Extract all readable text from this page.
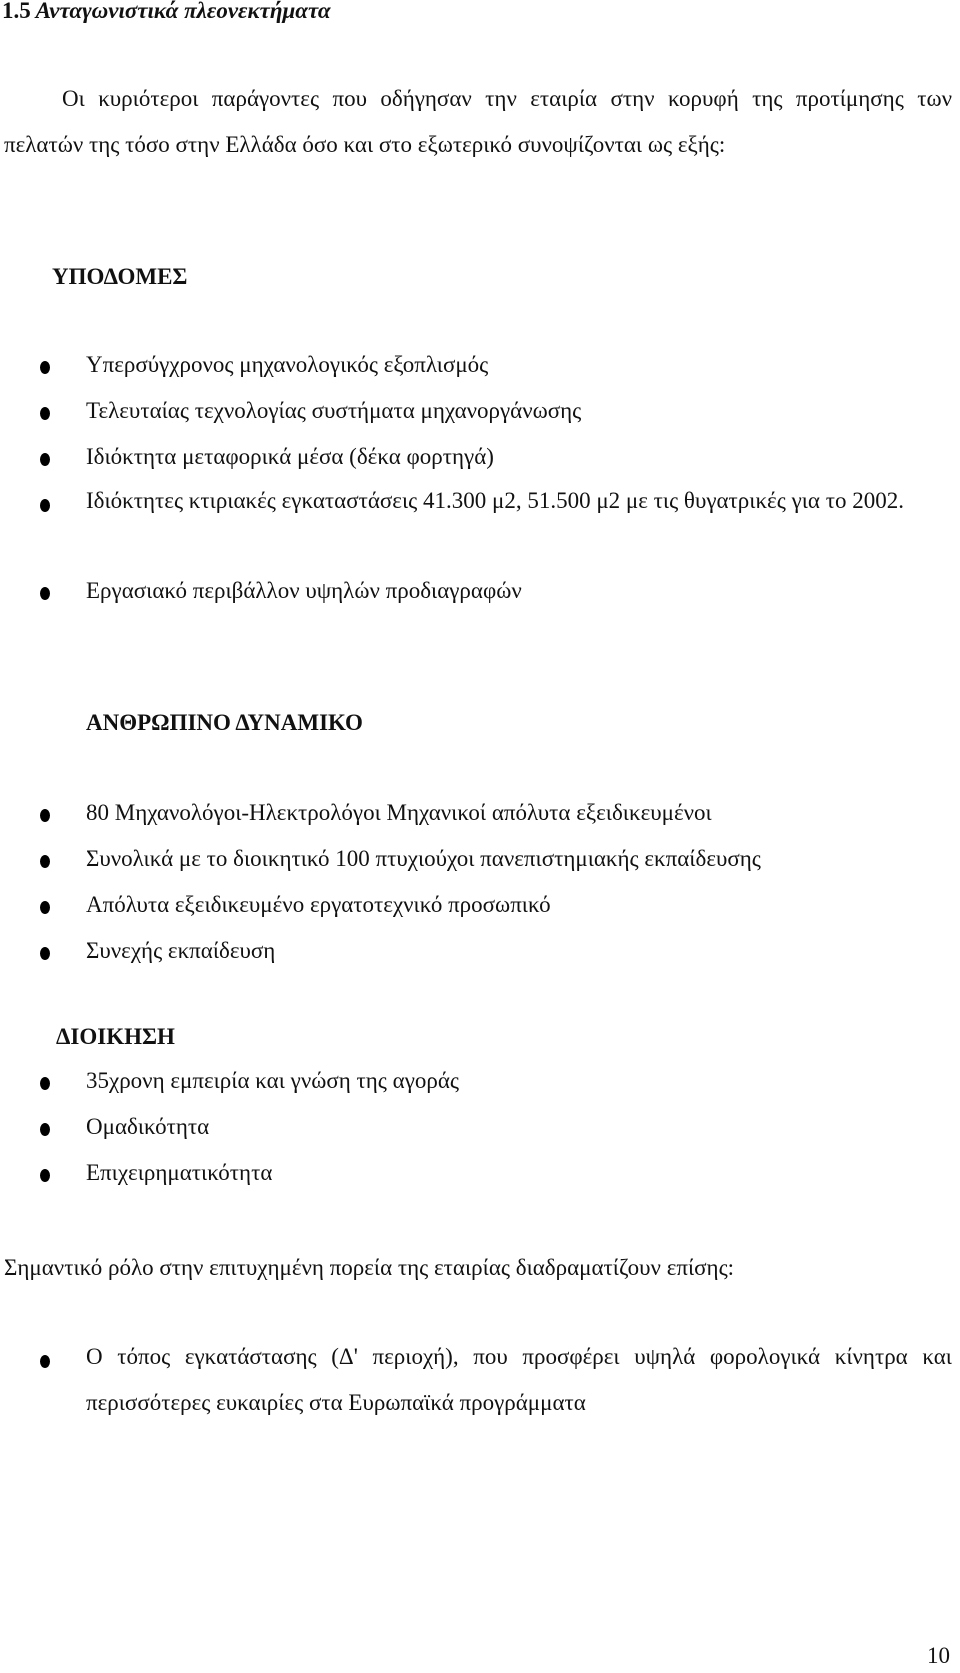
1.5 Ανταγωνιστικά πλεονεκτήματα
Οι κυριότεροι παράγοντες που οδήγησαν την εταιρία στην κορυφή της προτίμησης των πελατών της τόσο στην Ελλάδα όσο και στο εξωτερικό συνοψίζονται ως εξής:
ΥΠΟΔΟΜΕΣ
Υπερσύγχρονος μηχανολογικός εξοπλισμός
Τελευταίας τεχνολογίας συστήματα μηχανοργάνωσης
Ιδιόκτητα μεταφορικά μέσα (δέκα φορτηγά)
Ιδιόκτητες κτιριακές εγκαταστάσεις 41.300 μ2, 51.500 μ2 με τις θυγατρικές για το 2002.
Εργασιακό περιβάλλον υψηλών προδιαγραφών
ΑΝΘΡΩΠΙΝΟ ΔΥΝΑΜΙΚΟ
80 Μηχανολόγοι-Ηλεκτρολόγοι Μηχανικοί απόλυτα εξειδικευμένοι
Συνολικά με το διοικητικό 100 πτυχιούχοι πανεπιστημιακής εκπαίδευσης
Απόλυτα εξειδικευμένο εργατοτεχνικό προσωπικό
Συνεχής εκπαίδευση
ΔΙΟΙΚΗΣΗ
35χρονη εμπειρία και γνώση της αγοράς
Ομαδικότητα
Επιχειρηματικότητα
Σημαντικό ρόλο στην επιτυχημένη πορεία της εταιρίας διαδραματίζουν επίσης:
Ο τόπος εγκατάστασης (Δ' περιοχή), που προσφέρει υψηλά φορολογικά κίνητρα και περισσότερες ευκαιρίες στα Ευρωπαϊκά προγράμματα
10
